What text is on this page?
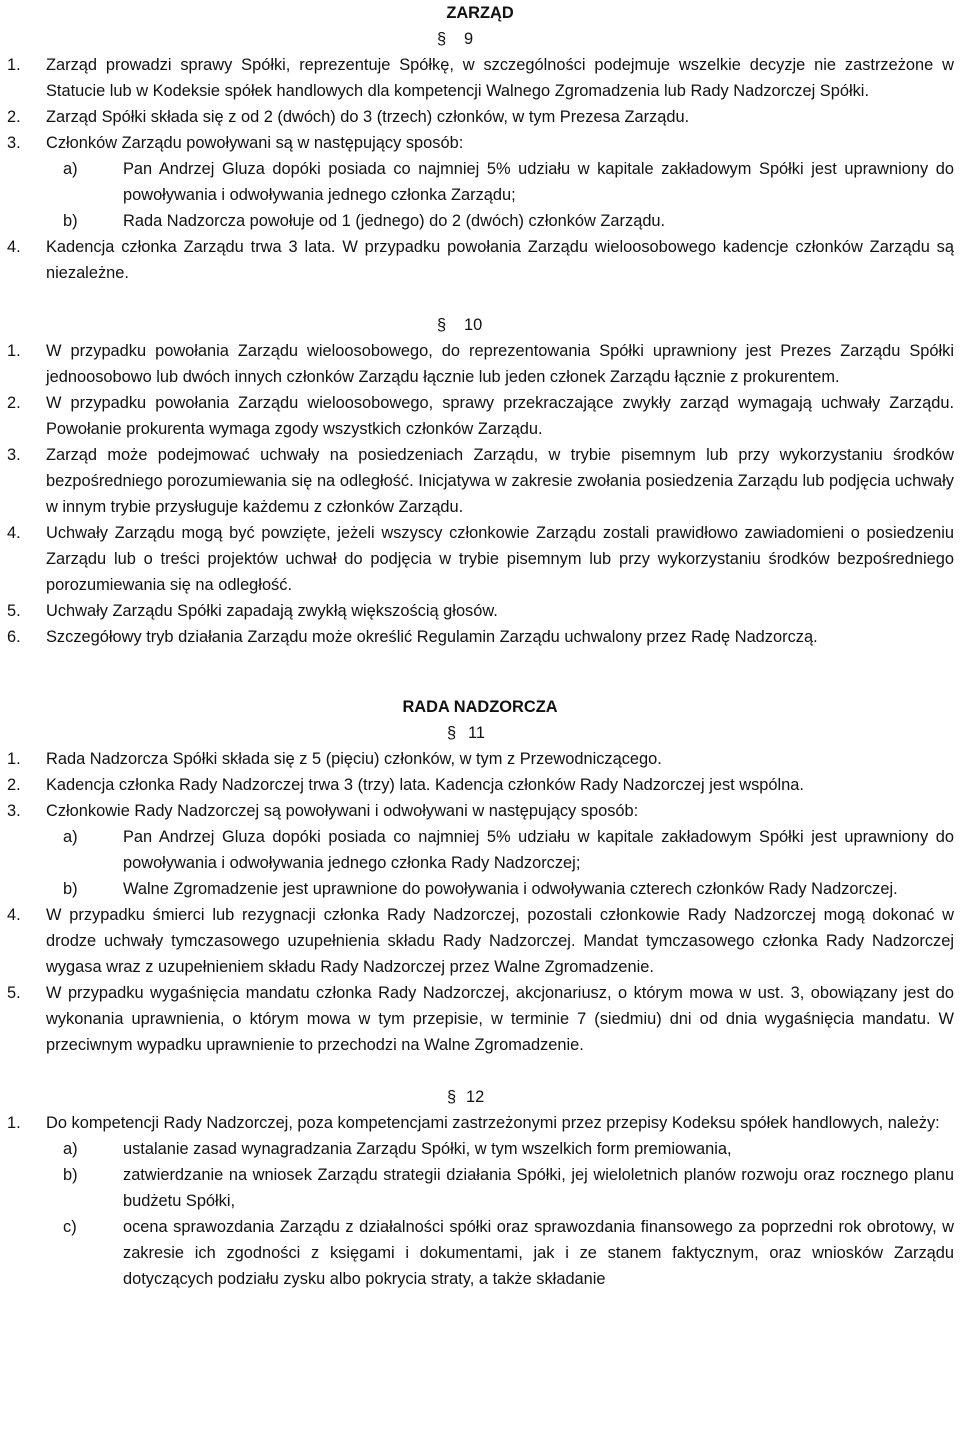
ZARZĄD
§ 9
1. Zarząd prowadzi sprawy Spółki, reprezentuje Spółkę, w szczególności podejmuje wszelkie decyzje nie zastrzeżone w Statucie lub w Kodeksie spółek handlowych dla kompetencji Walnego Zgromadzenia lub Rady Nadzorczej Spółki.
2. Zarząd Spółki składa się z od 2 (dwóch) do 3 (trzech) członków, w tym Prezesa Zarządu.
3. Członków Zarządu powoływani są w następujący sposób:
a)	Pan Andrzej Gluza dopóki posiada co najmniej 5% udziału w kapitale zakładowym Spółki jest uprawniony do powoływania i odwoływania jednego członka Zarządu;
b)	Rada Nadzorcza powołuje od 1 (jednego) do 2 (dwóch) członków Zarządu.
4. Kadencja członka Zarządu trwa 3 lata. W przypadku powołania Zarządu wieloosobowego kadencje członków Zarządu są niezależne.
§ 10
1. W przypadku powołania Zarządu wieloosobowego, do reprezentowania Spółki uprawniony jest Prezes Zarządu Spółki jednoosobowo lub dwóch innych członków Zarządu łącznie lub jeden członek Zarządu łącznie z prokurentem.
2. W przypadku powołania Zarządu wieloosobowego, sprawy przekraczające zwykły zarząd wymagają uchwały Zarządu. Powołanie prokurenta wymaga zgody wszystkich członków Zarządu.
3. Zarząd może podejmować uchwały na posiedzeniach Zarządu, w trybie pisemnym lub przy wykorzystaniu środków bezpośredniego porozumiewania się na odległość. Inicjatywa w zakresie zwołania posiedzenia Zarządu lub podjęcia uchwały w innym trybie przysługuje każdemu z członków Zarządu.
4. Uchwały Zarządu mogą być powzięte, jeżeli wszyscy członkowie Zarządu zostali prawidłowo zawiadomieni o posiedzeniu Zarządu lub o treści projektów uchwał do podjęcia w trybie pisemnym lub przy wykorzystaniu środków bezpośredniego porozumiewania się na odległość.
5. Uchwały Zarządu Spółki zapadają zwykłą większością głosów.
6. Szczegółowy tryb działania Zarządu może określić Regulamin Zarządu uchwalony przez Radę Nadzorczą.
RADA NADZORCZA
§ 11
1. Rada Nadzorcza Spółki składa się z 5 (pięciu) członków, w tym z Przewodniczącego.
2. Kadencja członka Rady Nadzorczej trwa 3 (trzy) lata. Kadencja członków Rady Nadzorczej jest wspólna.
3. Członkowie Rady Nadzorczej są powoływani i odwoływani w następujący sposób:
a)	Pan Andrzej Gluza dopóki posiada co najmniej 5% udziału w kapitale zakładowym Spółki jest uprawniony do powoływania i odwoływania jednego członka Rady Nadzorczej;
b)	Walne Zgromadzenie jest uprawnione do powoływania i odwoływania czterech członków Rady Nadzorczej.
4. W przypadku śmierci lub rezygnacji członka Rady Nadzorczej, pozostali członkowie Rady Nadzorczej mogą dokonać w drodze uchwały tymczasowego uzupełnienia składu Rady Nadzorczej. Mandat tymczasowego członka Rady Nadzorczej wygasa wraz z uzupełnieniem składu Rady Nadzorczej przez Walne Zgromadzenie.
5. W przypadku wygaśnięcia mandatu członka Rady Nadzorczej, akcjonariusz, o którym mowa w ust. 3, obowiązany jest do wykonania uprawnienia, o którym mowa w tym przepisie, w terminie 7 (siedmiu) dni od dnia wygaśnięcia mandatu. W przeciwnym wypadku uprawnienie to przechodzi na Walne Zgromadzenie.
§ 12
1. Do kompetencji Rady Nadzorczej, poza kompetencjami zastrzeżonymi przez przepisy Kodeksu spółek handlowych, należy:
a)	ustalanie zasad wynagradzania Zarządu Spółki, w tym wszelkich form premiowania,
b)	zatwierdzanie na wniosek Zarządu strategii działania Spółki, jej wieloletnich planów rozwoju oraz rocznego planu budżetu Spółki,
c)	ocena sprawozdania Zarządu z działalności spółki oraz sprawozdania finansowego za poprzedni rok obrotowy, w zakresie ich zgodności z księgami i dokumentami, jak i ze stanem faktycznym, oraz wniosków Zarządu dotyczących podziału zysku albo pokrycia straty, a także składanie
